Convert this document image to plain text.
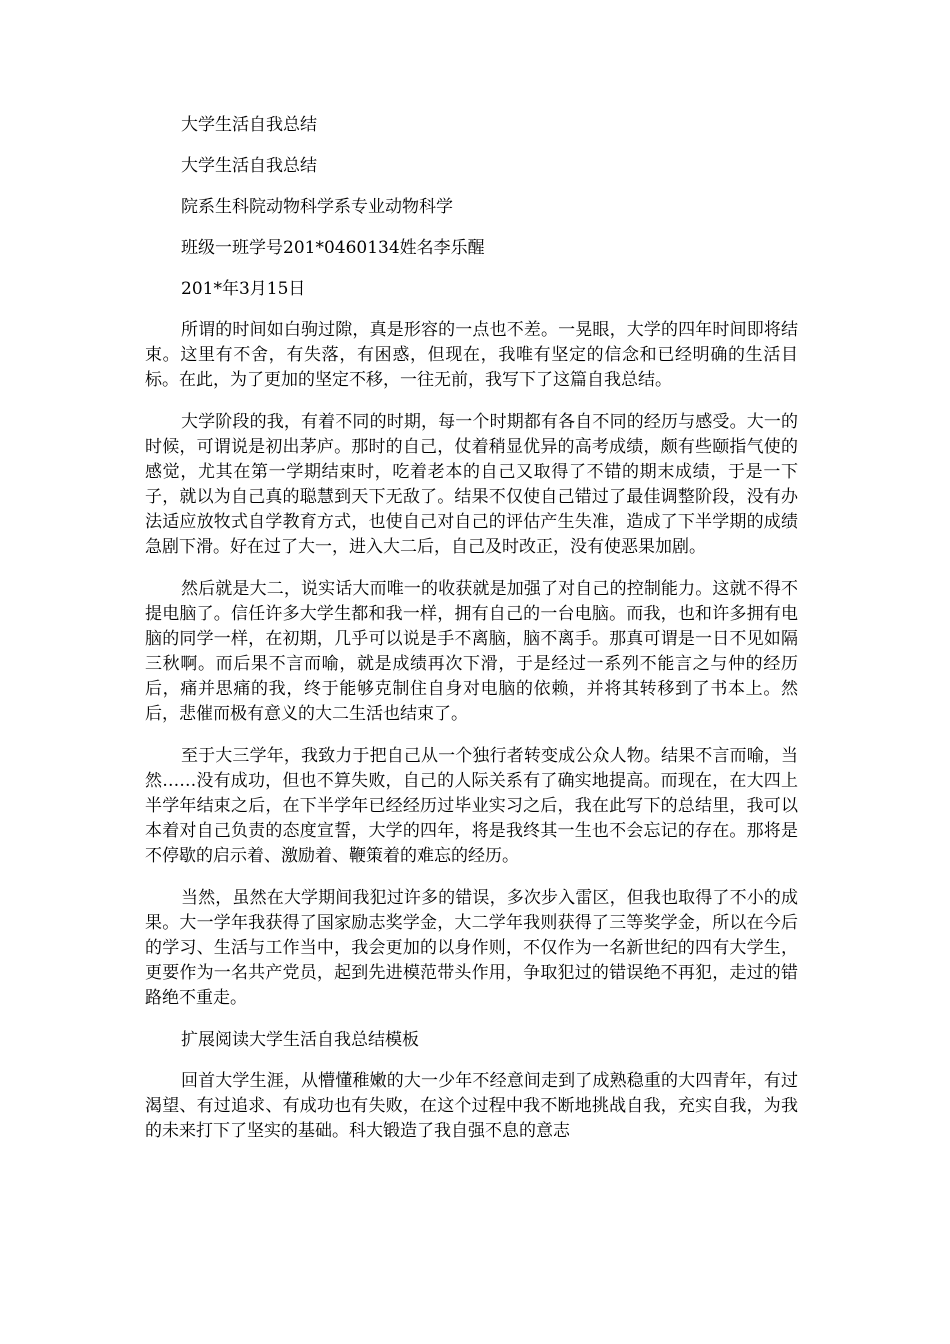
大学生活自我总结

大学生活自我总结

院系生科院动物科学系专业动物科学

班级一班学号201*0460134姓名李乐醒

201*年3月15日

所谓的时间如白驹过隙，真是形容的一点也不差。一晃眼，大学的四年时间即将结束。这里有不舍，有失落，有困惑，但现在，我唯有坚定的信念和已经明确的生活目标。在此，为了更加的坚定不移，一往无前，我写下了这篇自我总结。

大学阶段的我，有着不同的时期，每一个时期都有各自不同的经历与感受。大一的时候，可谓说是初出茅庐。那时的自己，仗着稍显优异的高考成绩，颇有些颐指气使的感觉，尤其在第一学期结束时，吃着老本的自己又取得了不错的期末成绩，于是一下子，就以为自己真的聪慧到天下无敌了。结果不仅使自己错过了最佳调整阶段，没有办法适应放牧式自学教育方式，也使自己对自己的评估产生失准，造成了下半学期的成绩急剧下滑。好在过了大一，进入大二后，自己及时改正，没有使恶果加剧。

然后就是大二，说实话大而唯一的收获就是加强了对自己的控制能力。这就不得不提电脑了。信任许多大学生都和我一样，拥有自己的一台电脑。而我，也和许多拥有电脑的同学一样，在初期，几乎可以说是手不离脑，脑不离手。那真可谓是一日不见如隔三秋啊。而后果不言而喻，就是成绩再次下滑，于是经过一系列不能言之与仲的经历后，痛并思痛的我，终于能够克制住自身对电脑的依赖，并将其转移到了书本上。然后，悲催而极有意义的大二生活也结束了。

至于大三学年，我致力于把自己从一个独行者转变成公众人物。结果不言而喻，当然……没有成功，但也不算失败，自己的人际关系有了确实地提高。而现在，在大四上半学年结束之后，在下半学年已经经历过毕业实习之后，我在此写下的总结里，我可以本着对自己负责的态度宣誓，大学的四年，将是我终其一生也不会忘记的存在。那将是不停歇的启示着、激励着、鞭策着的难忘的经历。

当然，虽然在大学期间我犯过许多的错误，多次步入雷区，但我也取得了不小的成果。大一学年我获得了国家励志奖学金，大二学年我则获得了三等奖学金，所以在今后的学习、生活与工作当中，我会更加的以身作则，不仅作为一名新世纪的四有大学生，更要作为一名共产党员，起到先进模范带头作用，争取犯过的错误绝不再犯，走过的错路绝不重走。

扩展阅读大学生活自我总结模板

回首大学生涯，从懵懂稚嫩的大一少年不经意间走到了成熟稳重的大四青年，有过渴望、有过追求、有成功也有失败，在这个过程中我不断地挑战自我，充实自我，为我的未来打下了坚实的基础。科大锻造了我自强不息的意志
